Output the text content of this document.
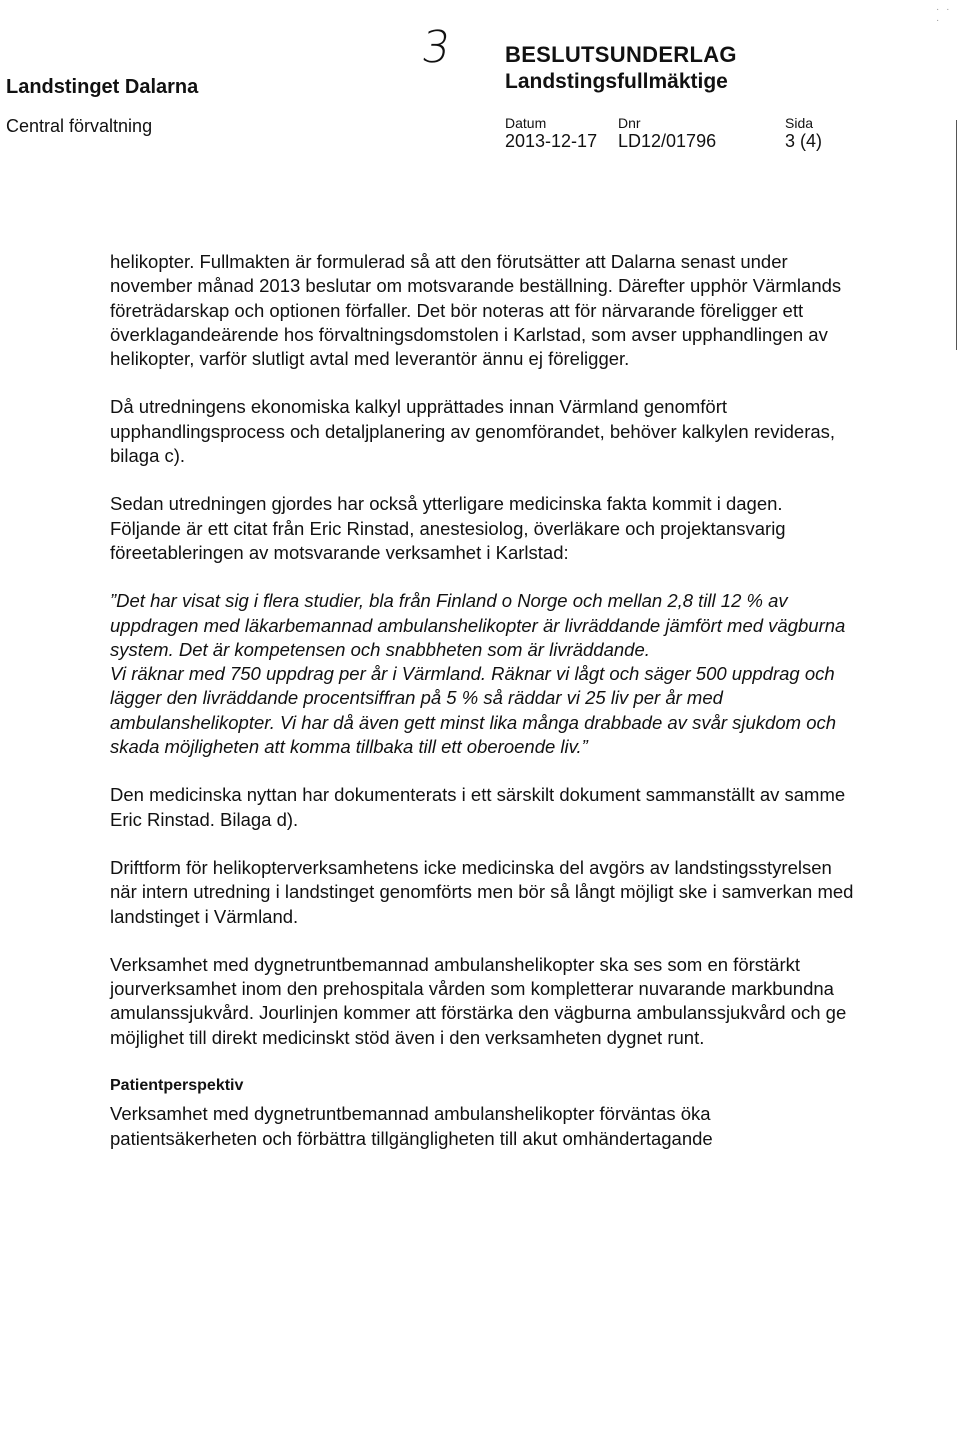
· · ·
Landstinget Dalarna
Central förvaltning
3 BESLUTSUNDERLAG
Landstingsfullmäktige
Datum	Dnr	Sida
2013-12-17 LD12/01796	3 (4)

helikopter. Fullmakten är formulerad så att den förutsätter att Dalarna senast under november månad 2013 beslutar om motsvarande beställning. Därefter upphör Värmlands företrädarskap och optionen förfaller. Det bör noteras att för närvarande föreligger ett överklagandeärende hos förvaltningsdomstolen i Karlstad, som avser upphandlingen av helikopter, varför slutligt avtal med leverantör ännu ej föreligger.

Då utredningens ekonomiska kalkyl upprättades innan Värmland genomfört upphandlingsprocess och detaljplanering av genomförandet, behöver kalkylen revideras, bilaga c).

Sedan utredningen gjordes har också ytterligare medicinska fakta kommit i dagen. Följande är ett citat från Eric Rinstad, anestesiolog, överläkare och projektansvarig föreetableringen av motsvarande verksamhet i Karlstad:

”Det har visat sig i flera studier, bla från Finland o Norge och mellan 2,8 till 12 % av uppdragen med läkarbemannad ambulanshelikopter är livräddande jämfört med vägburna system. Det är kompetensen och snabbheten som är livräddande.
Vi räknar med 750 uppdrag per år i Värmland. Räknar vi lågt och säger 500 uppdrag och lägger den livräddande procentsiffran på 5 % så räddar vi 25 liv per år med ambulanshelikopter. Vi har då även gett minst lika många drabbade av svår sjukdom och skada möjligheten att komma tillbaka till ett oberoende liv.”

Den medicinska nyttan har dokumenterats i ett särskilt dokument sammanställt av samme Eric Rinstad. Bilaga d).

Driftform för helikopterverksamhetens icke medicinska del avgörs av landstingsstyrelsen när intern utredning i landstinget genomförts men bör så långt möjligt ske i samverkan med landstinget i Värmland.

Verksamhet med dygnetruntbemannad ambulanshelikopter ska ses som en förstärkt jourverksamhet inom den prehospitala vården som kompletterar nuvarande markbundna amulanssjukvård. Jourlinjen kommer att förstärka den vägburna ambulanssjukvård och ge möjlighet till direkt medicinskt stöd även i den verksamheten dygnet runt.

Patientperspektiv

Verksamhet med dygnetruntbemannad ambulanshelikopter förväntas öka patientsäkerheten och förbättra tillgängligheten till akut omhändertagande
